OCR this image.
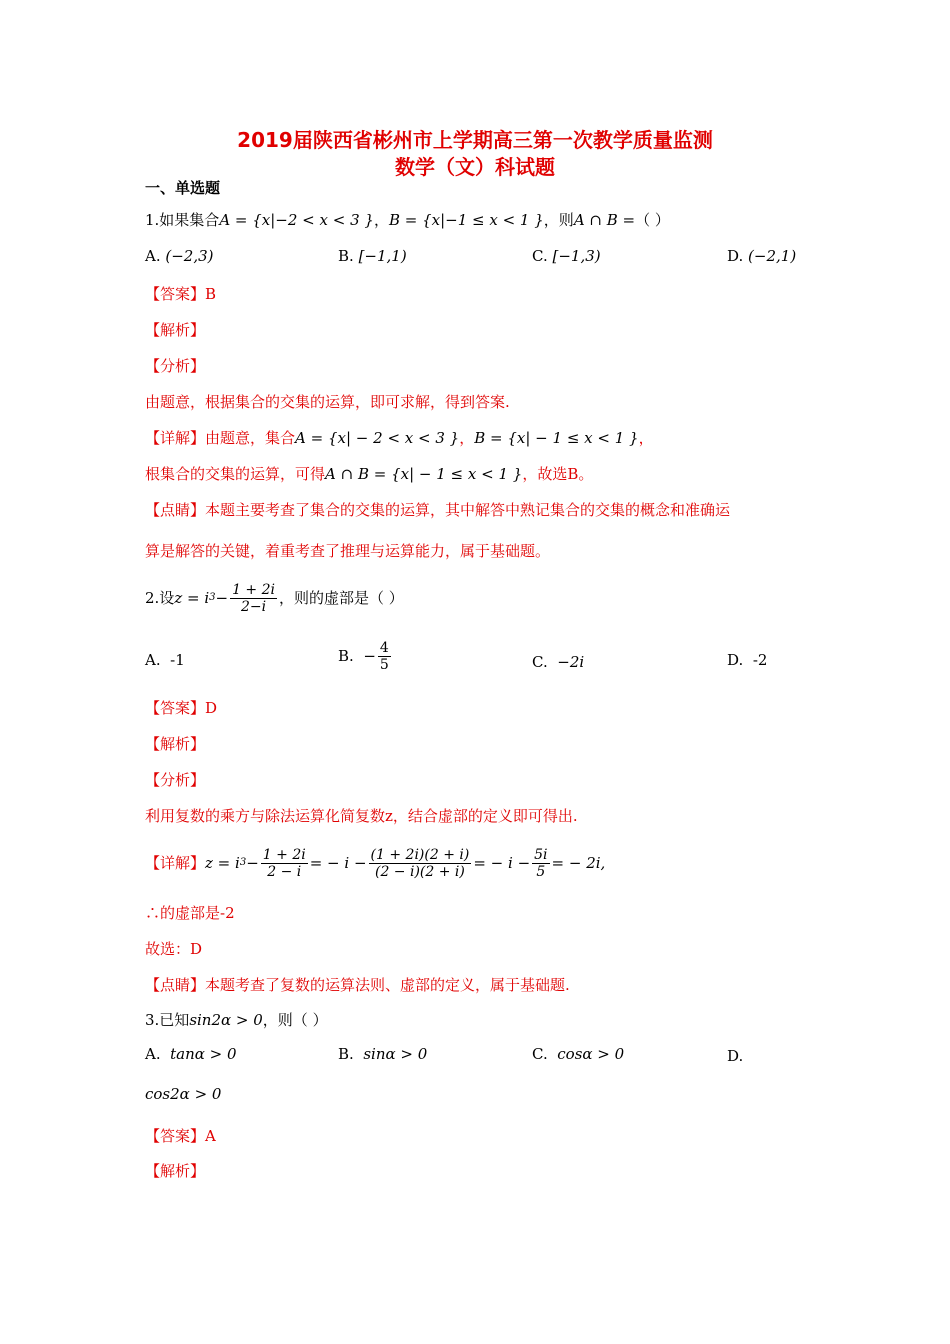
2019届陕西省彬州市上学期高三第一次教学质量监测
数学（文）科试题
一、单选题
1.如果集合A = {x|−2 < x < 3 }，B = {x|−1 ≤ x < 1 }，则A ∩ B =（ ）
A. (−2,3)	B. [−1,1)	C. [−1,3)	D. (−2,1)
【答案】B
【解析】
【分析】
由题意，根据集合的交集的运算，即可求解，得到答案.
【详解】由题意，集合A = {x| − 2 < x < 3 }，B = {x| − 1 ≤ x < 1 }，
根集合的交集的运算，可得A ∩ B = {x| − 1 ≤ x < 1 }，故选B。
【点睛】本题主要考查了集合的交集的运算，其中解答中熟记集合的交集的概念和准确运
算是解答的关键，着重考查了推理与运算能力，属于基础题。
2.设 z = i $3 - \frac{1 + 2i}{2-i}$ ，则的虚部是（ ）
A. -1	B.
− $\frac{4}{5}$	C. −2i	D. -2
【答案】D
【解析】
【分析】
利用复数的乘方与除法运算化简复数z，结合虚部的定义即可得出.
【详解】 z = i $3 - \frac{1 + 2i}{2 - i}$ = − $i - \frac{(1 + 2i)(2 + i)}{(2 - i)(2 + i)}$ = − $i - \frac{5i}{5}$ = − 2i,
∴的虚部是-2
故选：D
【点睛】本题考查了复数的运算法则、虚部的定义，属于基础题.
3.已知sin2α > 0，则（ ）
A. tanα > 0	B. sinα > 0	C. cosα > 0	D.
cos2α > 0
【答案】A
【解析】
